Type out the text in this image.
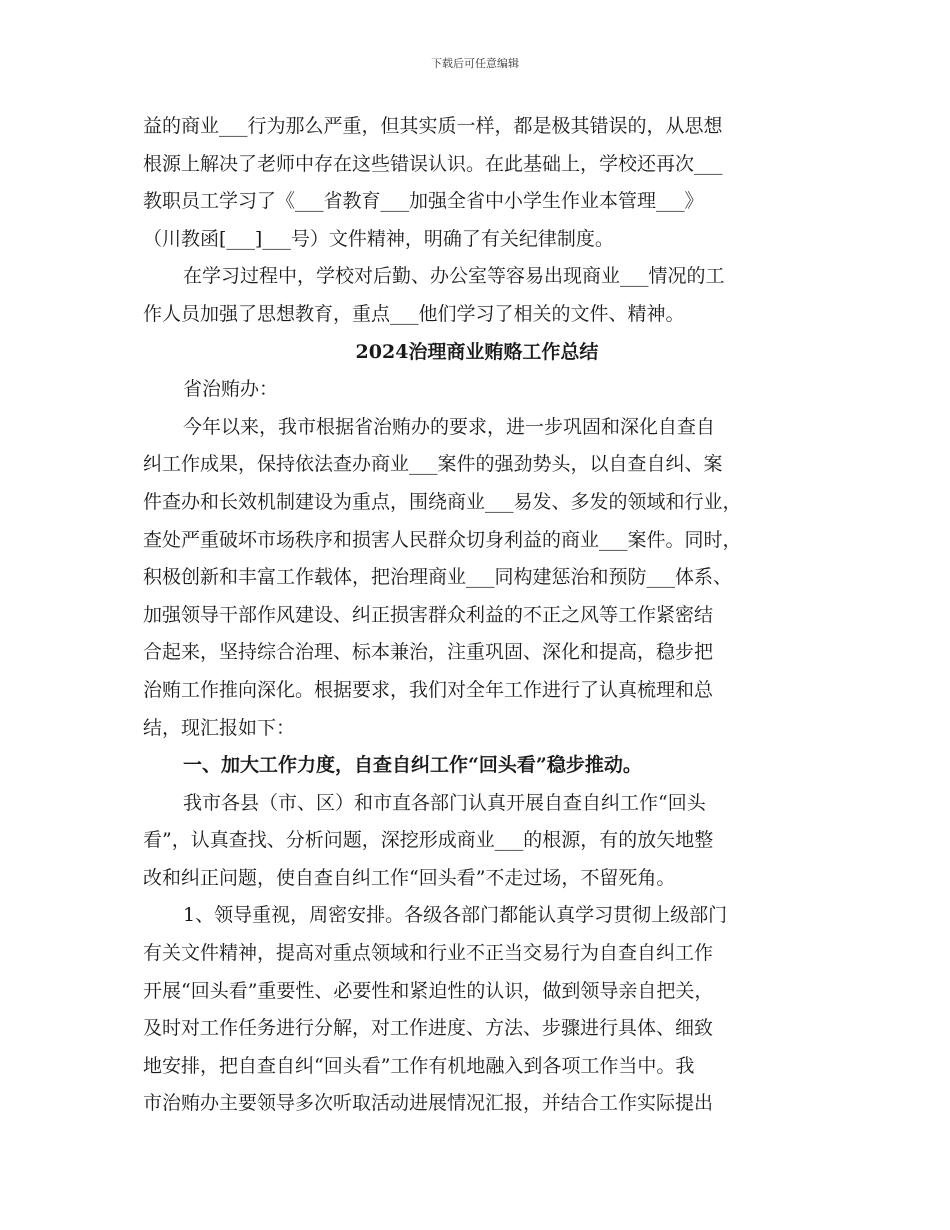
下载后可任意编辑
益的商业___行为那么严重，但其实质一样，都是极其错误的，从思想
根源上解决了老师中存在这些错误认识。在此基础上，学校还再次___
教职员工学习了《___省教育___加强全省中小学生作业本管理___》
（川教函[___]___号）文件精神，明确了有关纪律制度。
在学习过程中，学校对后勤、办公室等容易出现商业___情况的工
作人员加强了思想教育，重点___他们学习了相关的文件、精神。
2024治理商业贿赂工作总结
省治贿办：
今年以来，我市根据省治贿办的要求，进一步巩固和深化自查自
纠工作成果，保持依法查办商业___案件的强劲势头，以自查自纠、案
件查办和长效机制建设为重点，围绕商业___易发、多发的领域和行业，
查处严重破坏市场秩序和损害人民群众切身利益的商业___案件。同时，
积极创新和丰富工作载体，把治理商业___同构建惩治和预防___体系、
加强领导干部作风建设、纠正损害群众利益的不正之风等工作紧密结
合起来，坚持综合治理、标本兼治，注重巩固、深化和提高，稳步把
治贿工作推向深化。根据要求，我们对全年工作进行了认真梳理和总
结，现汇报如下：
一、加大工作力度，自查自纠工作“回头看”稳步推动。
我市各县（市、区）和市直各部门认真开展自查自纠工作“回头
看”，认真查找、分析问题，深挖形成商业___的根源，有的放矢地整
改和纠正问题，使自查自纠工作“回头看”不走过场，不留死角。
1、领导重视，周密安排。各级各部门都能认真学习贯彻上级部门
有关文件精神，提高对重点领域和行业不正当交易行为自查自纠工作
开展“回头看”重要性、必要性和紧迫性的认识，做到领导亲自把关，
及时对工作任务进行分解，对工作进度、方法、步骤进行具体、细致
地安排，把自查自纠“回头看”工作有机地融入到各项工作当中。我
市治贿办主要领导多次听取活动进展情况汇报，并结合工作实际提出
